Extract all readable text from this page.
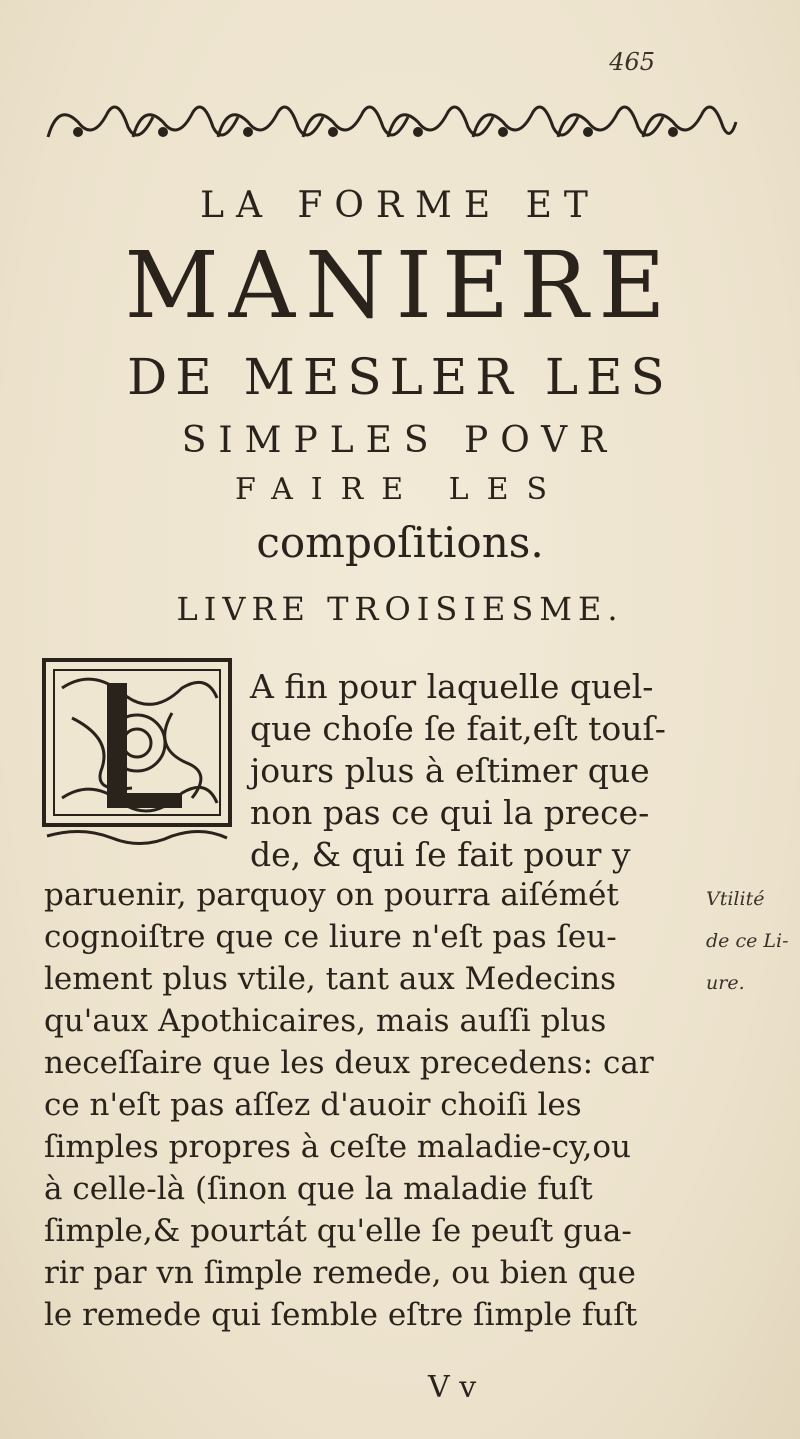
465
LA FORME ET
MANIERE
DE MESLER LES
SIMPLES POVR
FAIRE LES
compoſitions.
LIVRE TROISIESME.
A fin pour laquelle quel-
que choſe ſe fait,eſt touſ-
jours plus à eſtimer que
non pas ce qui la prece-
de, & qui ſe fait pour y
paruenir, parquoy on pourra aiſémét
cognoiſtre que ce liure n'eſt pas ſeu-
lement plus vtile, tant aux Medecins
qu'aux Apothicaires, mais auſſi plus
neceſſaire que les deux precedens: car
ce n'eſt pas aſſez d'auoir choiſi les
ſimples propres à ceſte maladie-cy,ou
à celle-là (ſinon que la maladie fuſt
ſimple,& pourtát qu'elle ſe peuſt gua-
rir par vn ſimple remede, ou bien que
le remede qui ſemble eſtre ſimple fuſt
Vtilité
de ce Li-
ure.
V v
